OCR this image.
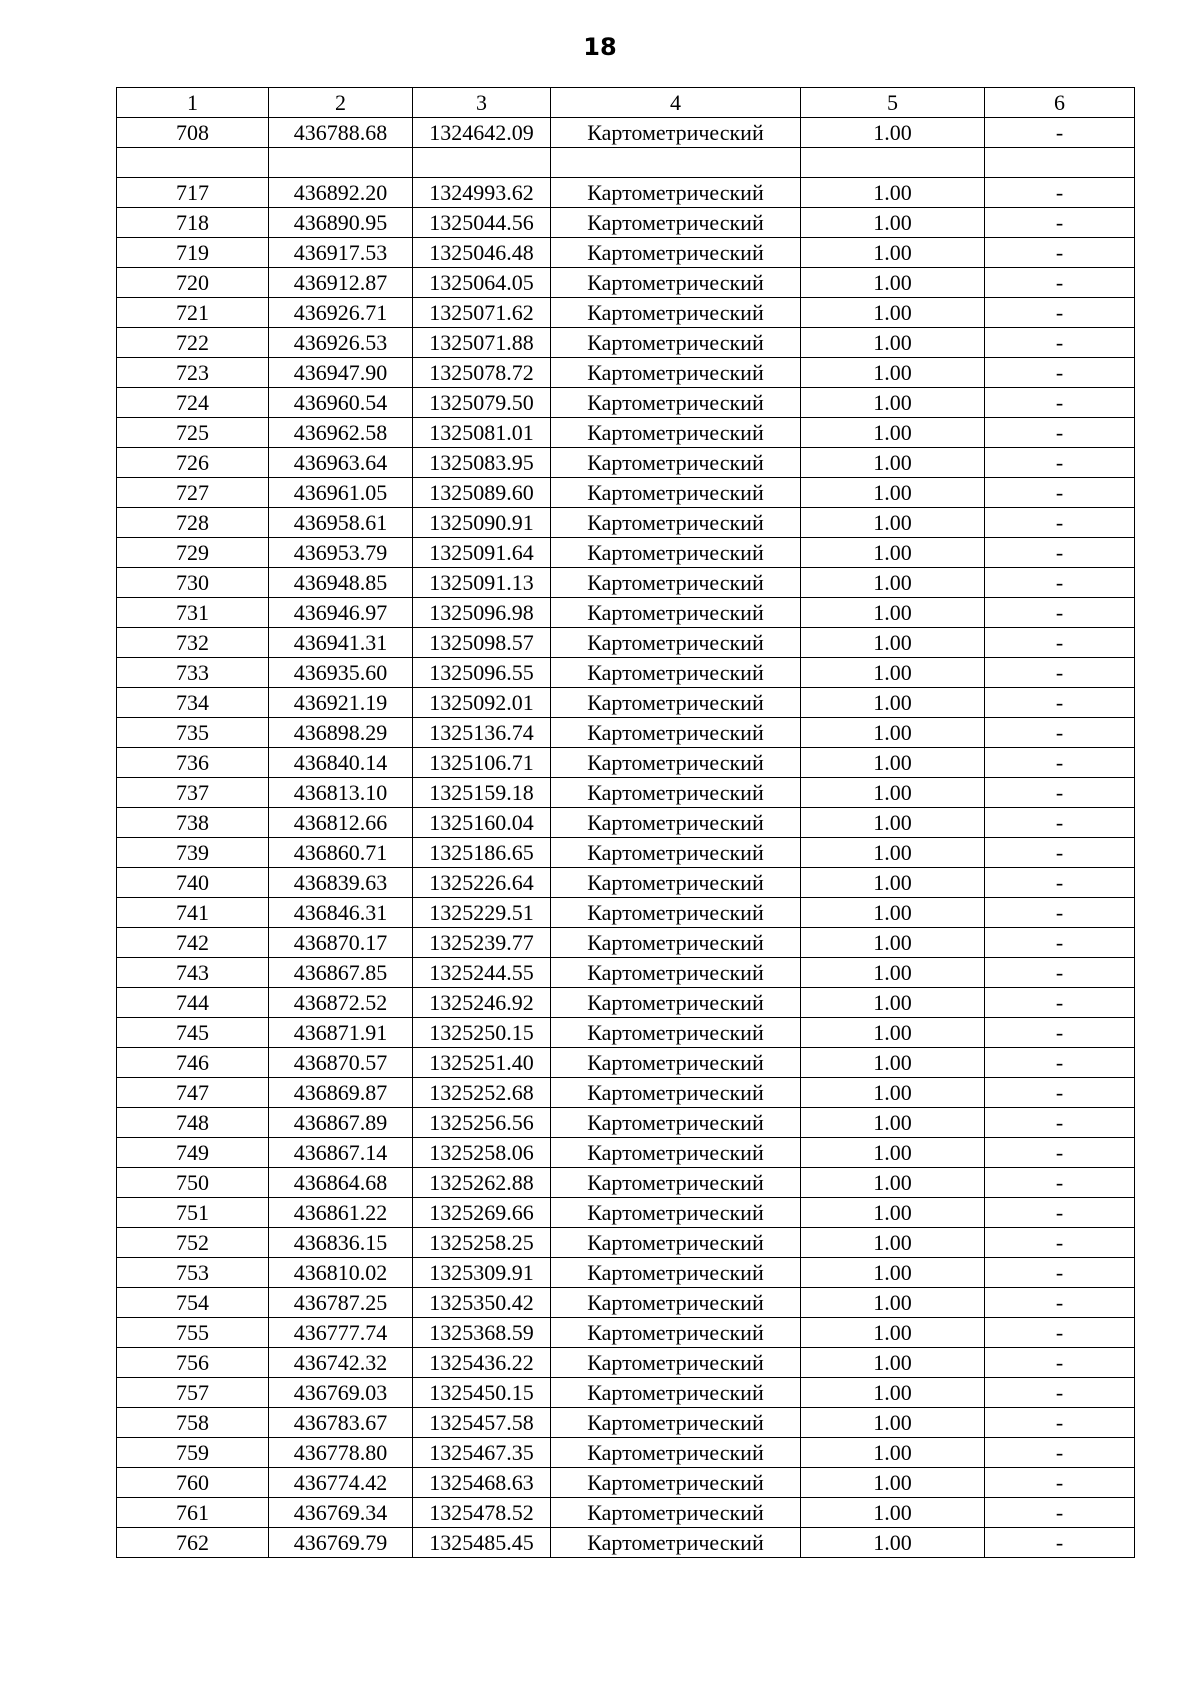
18
1	2	3	4	5	6
708	436788.68	1324642.09	Картометрический	1.00	-

717	436892.20	1324993.62	Картометрический	1.00	-
718	436890.95	1325044.56	Картометрический	1.00	-
719	436917.53	1325046.48	Картометрический	1.00	-
720	436912.87	1325064.05	Картометрический	1.00	-
721	436926.71	1325071.62	Картометрический	1.00	-
722	436926.53	1325071.88	Картометрический	1.00	-
723	436947.90	1325078.72	Картометрический	1.00	-
724	436960.54	1325079.50	Картометрический	1.00	-
725	436962.58	1325081.01	Картометрический	1.00	-
726	436963.64	1325083.95	Картометрический	1.00	-
727	436961.05	1325089.60	Картометрический	1.00	-
728	436958.61	1325090.91	Картометрический	1.00	-
729	436953.79	1325091.64	Картометрический	1.00	-
730	436948.85	1325091.13	Картометрический	1.00	-
731	436946.97	1325096.98	Картометрический	1.00	-
732	436941.31	1325098.57	Картометрический	1.00	-
733	436935.60	1325096.55	Картометрический	1.00	-
734	436921.19	1325092.01	Картометрический	1.00	-
735	436898.29	1325136.74	Картометрический	1.00	-
736	436840.14	1325106.71	Картометрический	1.00	-
737	436813.10	1325159.18	Картометрический	1.00	-
738	436812.66	1325160.04	Картометрический	1.00	-
739	436860.71	1325186.65	Картометрический	1.00	-
740	436839.63	1325226.64	Картометрический	1.00	-
741	436846.31	1325229.51	Картометрический	1.00	-
742	436870.17	1325239.77	Картометрический	1.00	-
743	436867.85	1325244.55	Картометрический	1.00	-
744	436872.52	1325246.92	Картометрический	1.00	-
745	436871.91	1325250.15	Картометрический	1.00	-
746	436870.57	1325251.40	Картометрический	1.00	-
747	436869.87	1325252.68	Картометрический	1.00	-
748	436867.89	1325256.56	Картометрический	1.00	-
749	436867.14	1325258.06	Картометрический	1.00	-
750	436864.68	1325262.88	Картометрический	1.00	-
751	436861.22	1325269.66	Картометрический	1.00	-
752	436836.15	1325258.25	Картометрический	1.00	-
753	436810.02	1325309.91	Картометрический	1.00	-
754	436787.25	1325350.42	Картометрический	1.00	-
755	436777.74	1325368.59	Картометрический	1.00	-
756	436742.32	1325436.22	Картометрический	1.00	-
757	436769.03	1325450.15	Картометрический	1.00	-
758	436783.67	1325457.58	Картометрический	1.00	-
759	436778.80	1325467.35	Картометрический	1.00	-
760	436774.42	1325468.63	Картометрический	1.00	-
761	436769.34	1325478.52	Картометрический	1.00	-
762	436769.79	1325485.45	Картометрический	1.00	-
